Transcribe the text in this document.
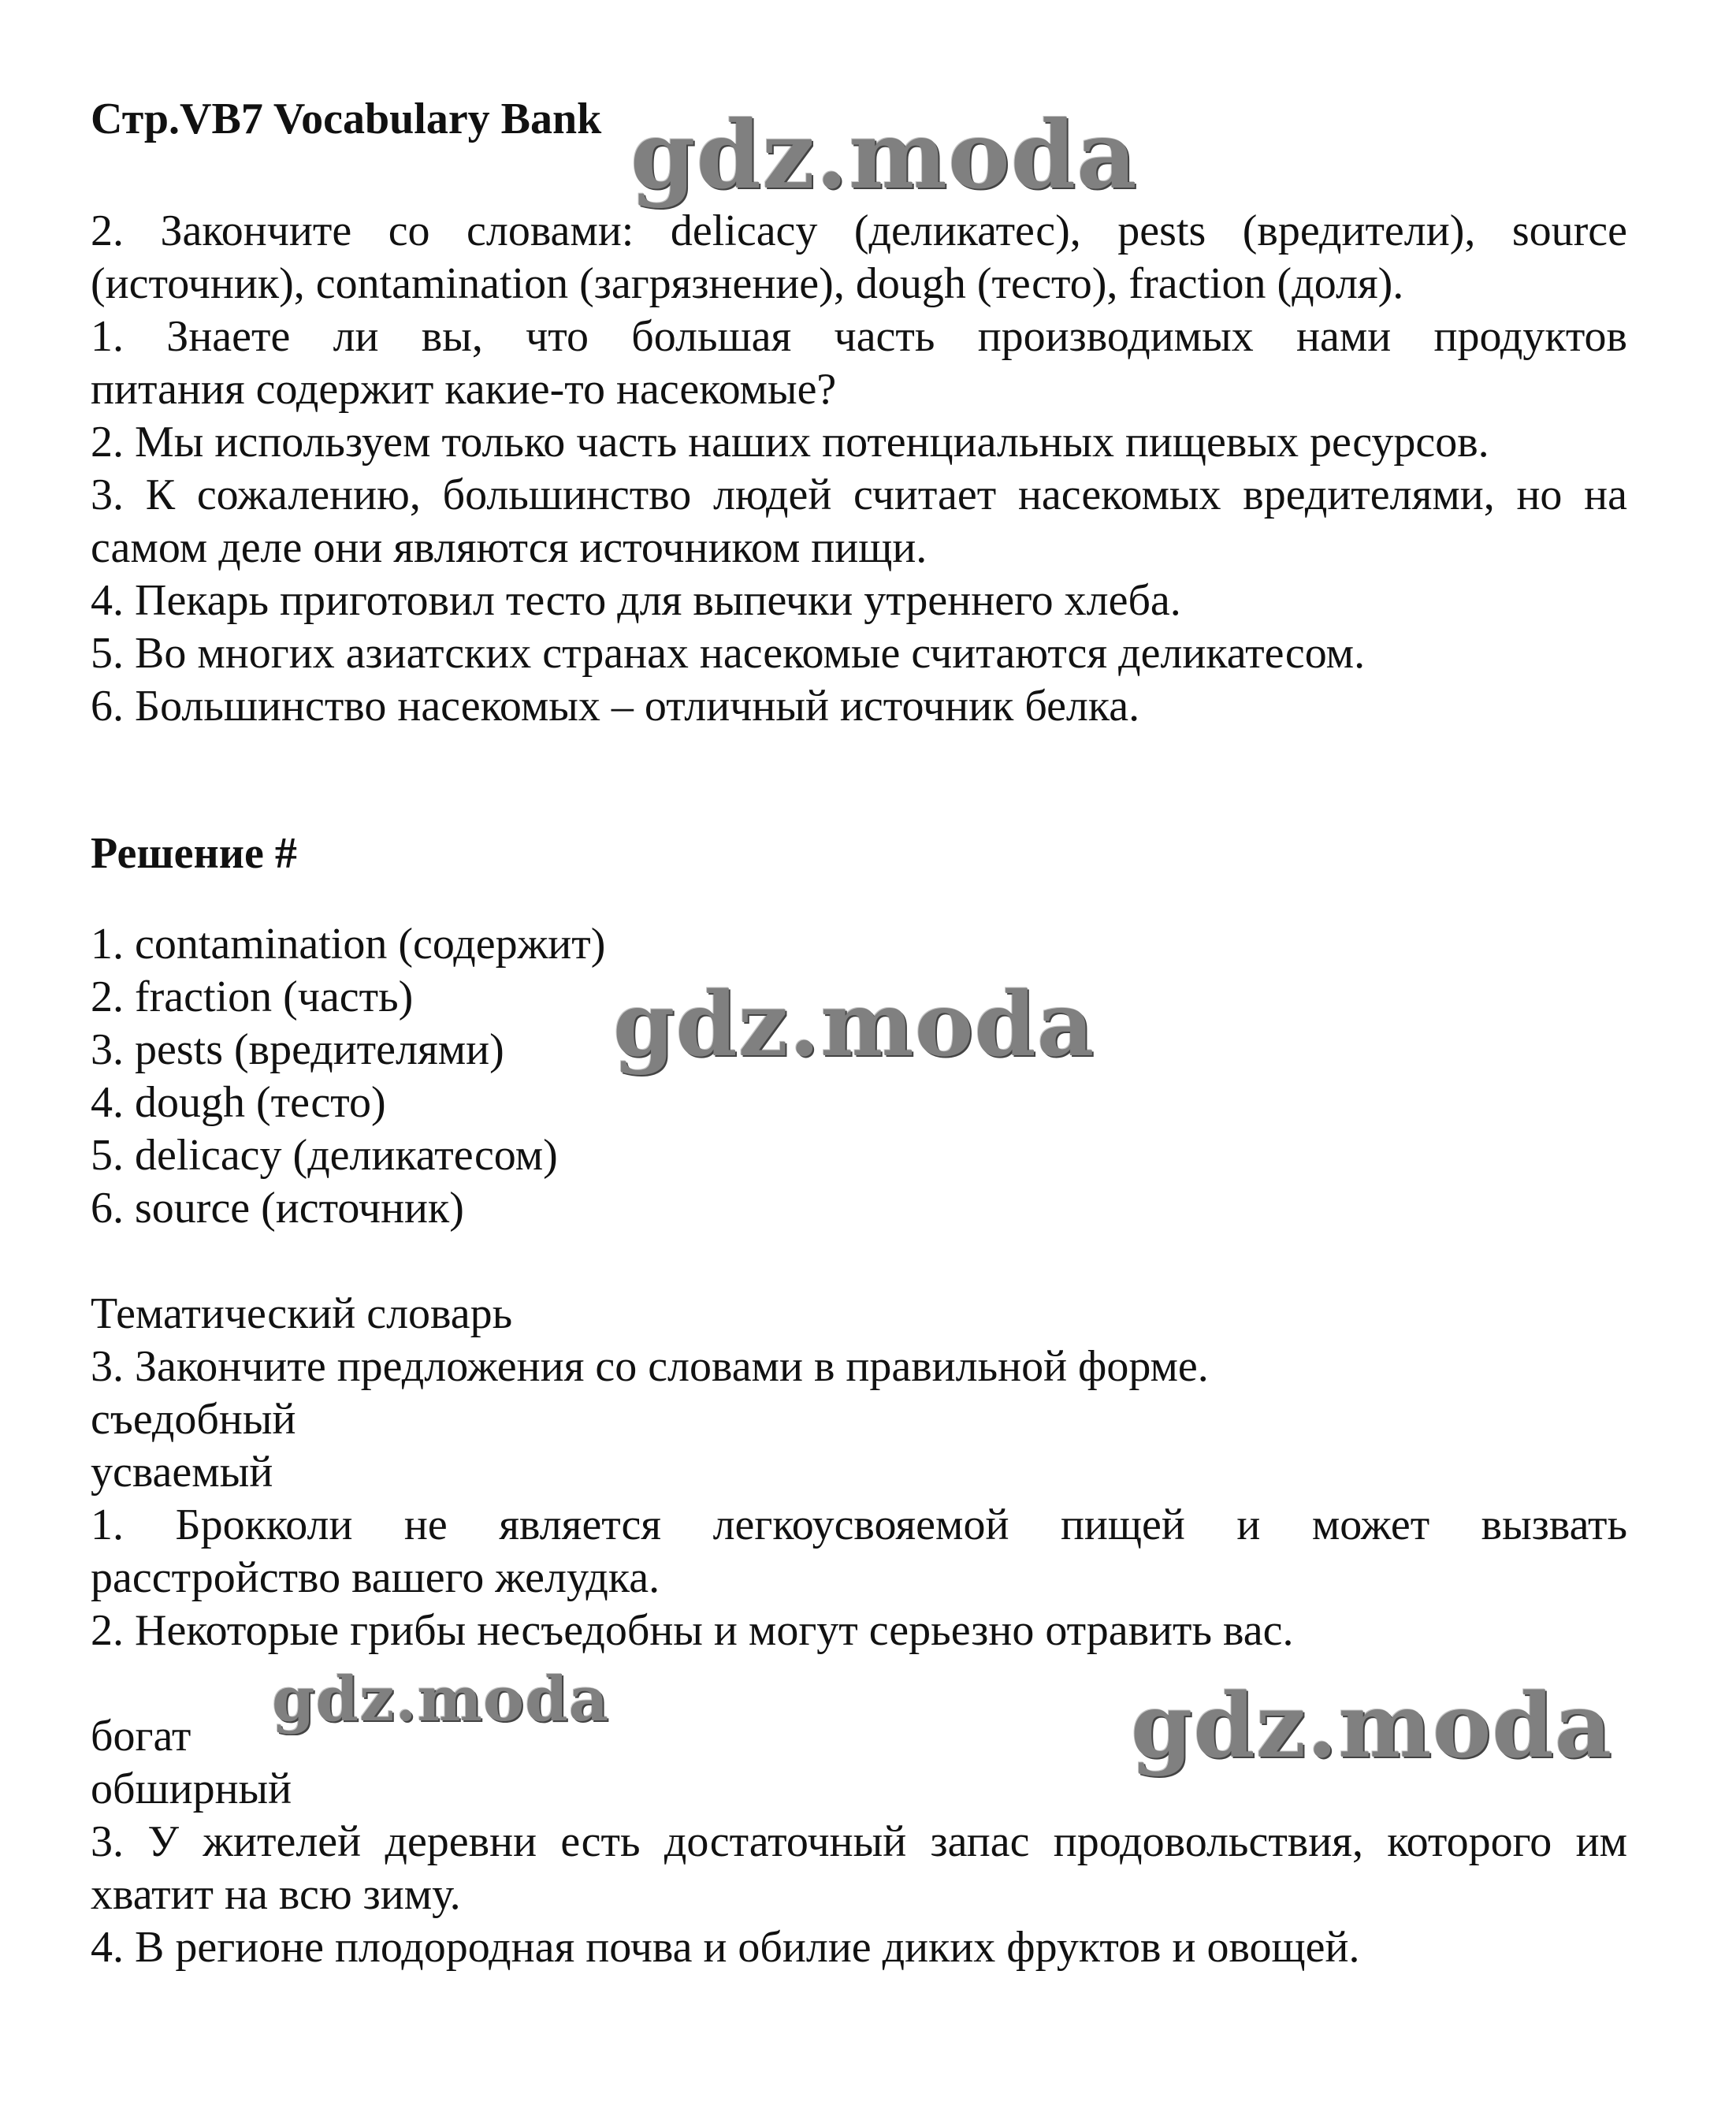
Стр.VB7 Vocabulary Bank
2. Закончите со словами: delicacy (деликатес), pests (вредители), source
(источник), contamination (загрязнение), dough (тесто), fraction (доля).
1. Знаете ли вы, что большая часть производимых нами продуктов
питания содержит какие-то насекомые?
2. Мы используем только часть наших потенциальных пищевых ресурсов.
3. К сожалению, большинство людей считает насекомых вредителями, но на
самом деле они являются источником пищи.
4. Пекарь приготовил тесто для выпечки утреннего хлеба.
5. Во многих азиатских странах насекомые считаются деликатесом.
6. Большинство насекомых – отличный источник белка.
Решение #
1. contamination (содержит)
2. fraction (часть)
3. pests (вредителями)
4. dough (тесто)
5. delicacy (деликатесом)
6. source (источник)
Тематический словарь
3. Закончите предложения со словами в правильной форме.
съедобный
усваемый
1. Брокколи не является легкоусвояемой пищей и может вызвать
расстройство вашего желудка.
2. Некоторые грибы несъедобны и могут серьезно отравить вас.
богат
обширный
3. У жителей деревни есть достаточный запас продовольствия, которого им
хватит на всю зиму.
4. В регионе плодородная почва и обилие диких фруктов и овощей.
gdz.moda
gdz.moda
gdz.moda	gdz.moda
